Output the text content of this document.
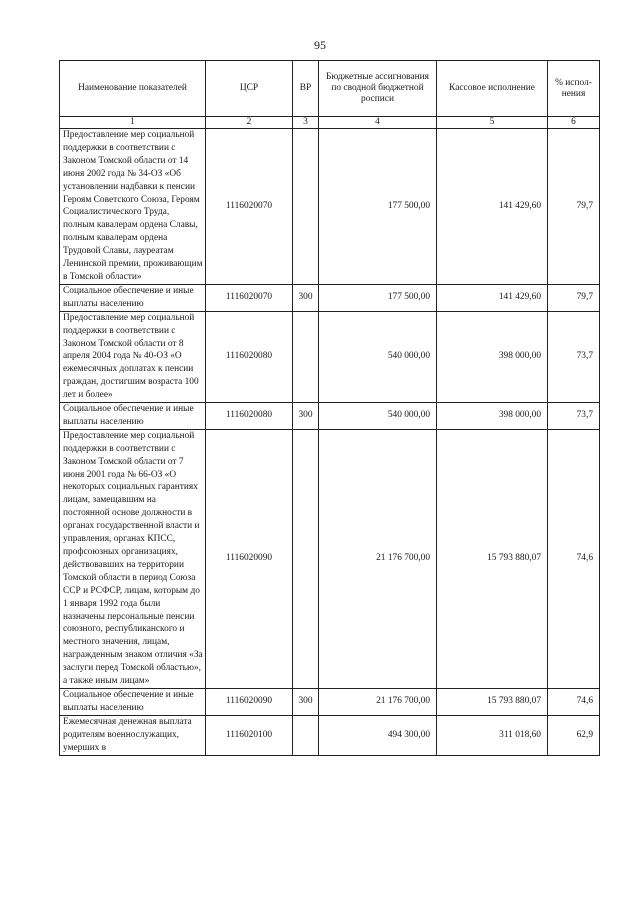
95
Наименование показателей	ЦСР	ВР	Бюджетные ассигнования по сводной бюджетной росписи	Кассовое исполнение	% испол-нения
1	2	3	4	5	6
Предоставление мер социальной поддержки в соответствии с Законом Томской области от 14 июня 2002 года № 34-ОЗ «Об установлении надбавки к пенсии Героям Советского Союза, Героям Социалистического Труда, полным кавалерам ордена Славы, полным кавалерам ордена Трудовой Славы, лауреатам Ленинской премии, проживающим в Томской области»	1116020070		177 500,00	141 429,60	79,7
Социальное обеспечение и иные выплаты населению	1116020070	300	177 500,00	141 429,60	79,7
Предоставление мер социальной поддержки в соответствии с Законом Томской области от 8 апреля 2004 года № 40-ОЗ «О ежемесячных доплатах к пенсии граждан, достигшим возраста 100 лет и более»	1116020080		540 000,00	398 000,00	73,7
Социальное обеспечение и иные выплаты населению	1116020080	300	540 000,00	398 000,00	73,7
Предоставление мер социальной поддержки в соответствии с Законом Томской области от 7 июня 2001 года № 66-ОЗ «О некоторых социальных гарантиях лицам, замещавшим на постоянной основе должности в органах государственной власти и управления, органах КПСС, профсоюзных организациях, действовавших на территории Томской области в период Союза ССР и РСФСР, лицам, которым до 1 января 1992 года были назначены персональные пенсии союзного, республиканского и местного значения, лицам, награжденным знаком отличия «За заслуги перед Томской областью», а также иным лицам»	1116020090		21 176 700,00	15 793 880,07	74,6
Социальное обеспечение и иные выплаты населению	1116020090	300	21 176 700,00	15 793 880,07	74,6
Ежемесячная денежная выплата родителям военнослужащих, умерших в	1116020100		494 300,00	311 018,60	62,9
